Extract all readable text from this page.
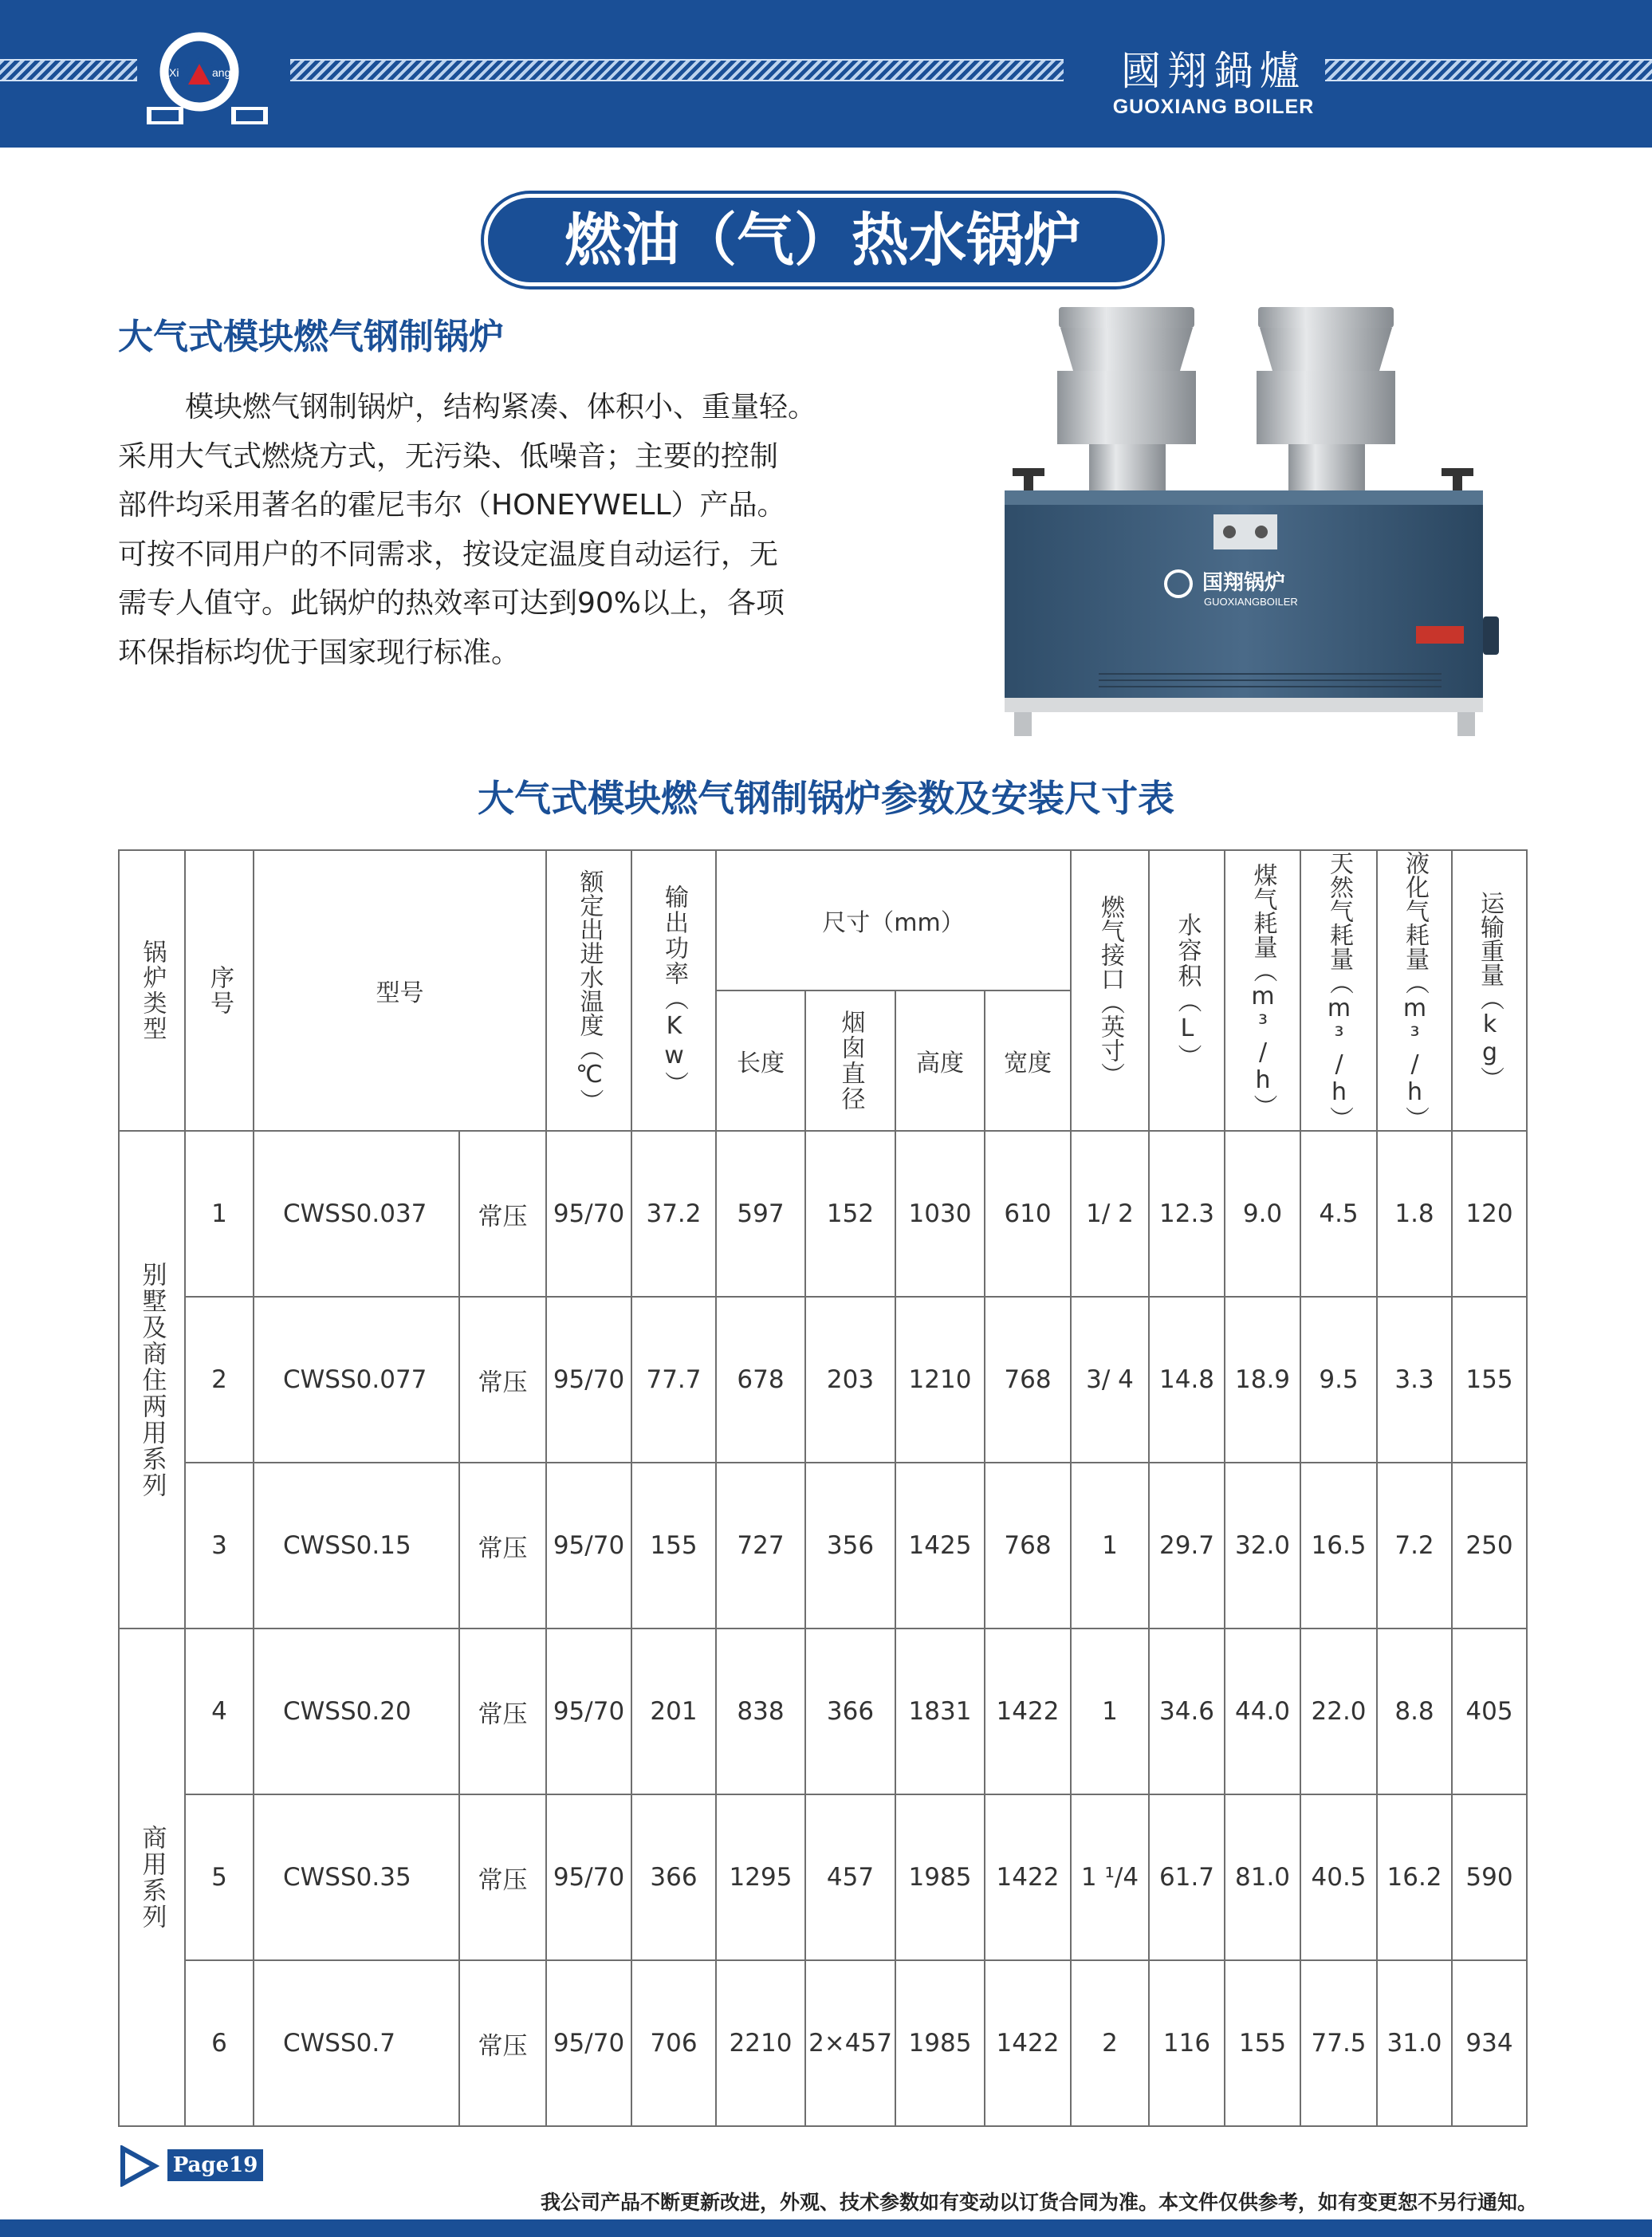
Xi	ang	國翔鍋爐
GUOXIANG BOILER
燃油（气）热水锅炉
大气式模块燃气钢制锅炉
模块燃气钢制锅炉，结构紧凑、体积小、重量轻。
采用大气式燃烧方式，无污染、低噪音；主要的控制
部件均采用著名的霍尼韦尔（HONEYWELL）产品。
可按不同用户的不同需求，按设定温度自动运行，无
需专人值守。此锅炉的热效率可达到90%以上，各项
环保指标均优于国家现行标准。
国翔锅炉
GUOXIANGBOILER
大气式模块燃气钢制锅炉参数及安装尺寸表
锅炉类型	序号	型号		额定出进水温度（℃）	输出功率（Kw）	尺寸（mm）				燃气接口（英寸）	水容积（L）	煤气耗量（m³/h）	天然气耗量（m³/h）	液化气耗量（m³/h）	运输重量（kg）

						长度	烟囱直径	高度	宽度						

别墅及商住两用系列	1	CWSS0.037	常压	95/70	37.2	597	152	1030	610	1/ 2	12.3	9.0	4.5	1.8	120
	2	CWSS0.077	常压	95/70	77.7	678	203	1210	768	3/ 4	14.8	18.9	9.5	3.3	155
	3	CWSS0.15	常压	95/70	155	727	356	1425	768	1	29.7	32.0	16.5	7.2	250

商用系列	4	CWSS0.20	常压	95/70	201	838	366	1831	1422	1	34.6	44.0	22.0	8.8	405
	5	CWSS0.35	常压	95/70	366	1295	457	1985	1422	1 ¹/4	61.7	81.0	40.5	16.2	590
	6	CWSS0.7	常压	95/70	706	2210	2×457	1985	1422	2	116	155	77.5	31.0	934
Page19
我公司产品不断更新改进，外观、技术参数如有变动以订货合同为准。本文件仅供参考，如有变更恕不另行通知。
